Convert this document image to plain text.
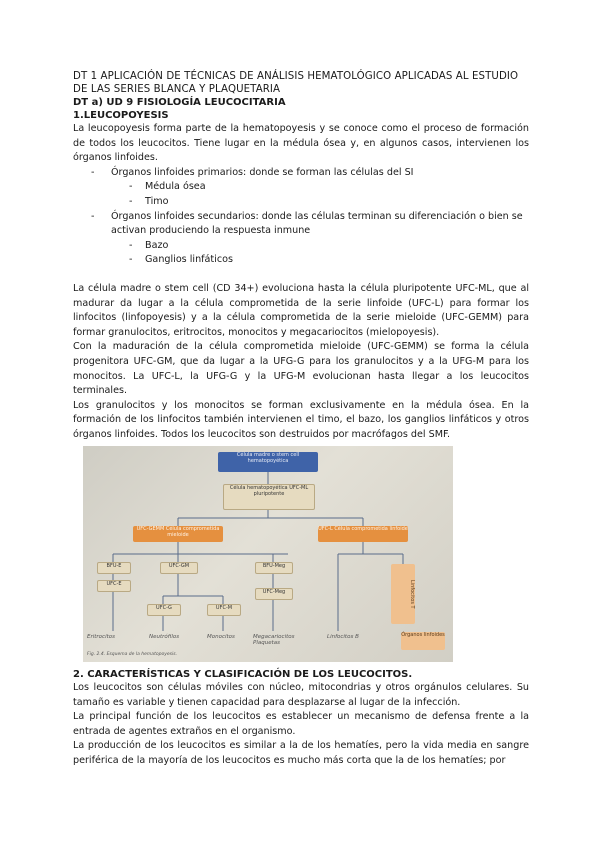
DT 1 APLICACIÓN DE TÉCNICAS DE ANÁLISIS HEMATOLÓGICO APLICADAS AL ESTUDIO
DE LAS SERIES BLANCA Y PLAQUETARIA
DT a) UD 9 FISIOLOGÍA LEUCOCITARIA
1.LEUCOPOYESIS

La leucopoyesis forma parte de la hematopoyesis y se conoce como el proceso de formación de todos los leucocitos. Tiene lugar en la médula ósea y, en algunos casos, intervienen los órganos linfoides.

- Órganos linfoides primarios: donde se forman las células del SI
- Médula ósea
- Timo
- Órganos linfoides secundarios: donde las células terminan su diferenciación o bien se activan produciendo la respuesta inmune
- Bazo
- Ganglios linfáticos

La célula madre o stem cell (CD 34+) evoluciona hasta la célula pluripotente UFC-ML, que al madurar da lugar a la célula comprometida de la serie linfoide (UFC-L) para formar los linfocitos (linfopoyesis) y a la célula comprometida de la serie mieloide (UFC-GEMM) para formar granulocitos, eritrocitos, monocitos y megacariocitos (mielopoyesis).

Con la maduración de la célula comprometida mieloide (UFC-GEMM) se forma la célula progenitora UFC-GM, que da lugar a la UFG-G para los granulocitos y a la UFG-M para los monocitos. La UFC-L, la UFG-G y la UFG-M evolucionan hasta llegar a los leucocitos terminales.

Los granulocitos y los monocitos se forman exclusivamente en la médula ósea. En la formación de los linfocitos también intervienen el timo, el bazo, los ganglios linfáticos y otros órganos linfoides. Todos los leucocitos son destruidos por macrófagos del SMF.

Célula madre o stem cell hematopoyética
Célula hematopoyética UFC-ML pluripotente
UFC-GEMM Célula comprometida mieloide
UFC-L Célula comprometida linfoide
BFU-E
UFC-E
UFC-GM
UFC-G	UFC-M
BFU-Meg
UFC-Meg	Linfocitos T
Órganos linfoides
Eritrocitos	Neutrófilos	Monocitos	Megacariocitos Plaquetas
Linfocitos B
Fig. 2.4. Esquema de la hematopoyesis.
2. CARACTERÍSTICAS Y CLASIFICACIÓN DE LOS LEUCOCITOS.

Los leucocitos son células móviles con núcleo, mitocondrias y otros orgánulos celulares. Su tamaño es variable y tienen capacidad para desplazarse al lugar de la infección.

La principal función de los leucocitos es establecer un mecanismo de defensa frente a la entrada de agentes extraños en el organismo.

La producción de los leucocitos es similar a la de los hematíes, pero la vida media en sangre periférica de la mayoría de los leucocitos es mucho más corta que la de los hematíes; por
